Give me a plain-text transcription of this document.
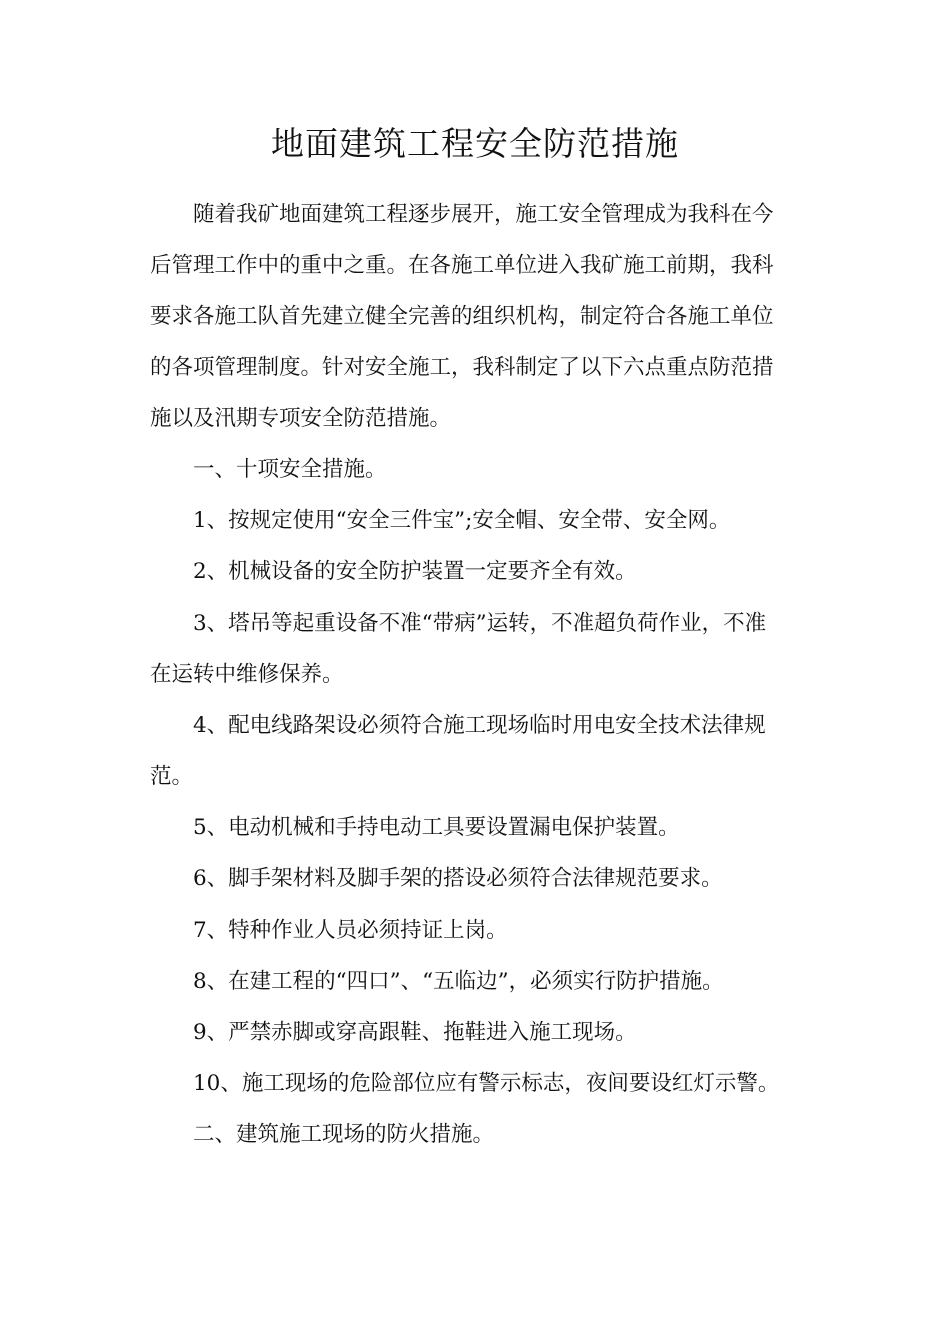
地面建筑工程安全防范措施
随着我矿地面建筑工程逐步展开，施工安全管理成为我科在今
后管理工作中的重中之重。在各施工单位进入我矿施工前期，我科
要求各施工队首先建立健全完善的组织机构，制定符合各施工单位
的各项管理制度。针对安全施工，我科制定了以下六点重点防范措
施以及汛期专项安全防范措施。
一、十项安全措施。
1、按规定使用“安全三件宝”;安全帽、安全带、安全网。
2、机械设备的安全防护装置一定要齐全有效。
3、塔吊等起重设备不准“带病”运转，不准超负荷作业，不准
在运转中维修保养。
4、配电线路架设必须符合施工现场临时用电安全技术法律规
范。
5、电动机械和手持电动工具要设置漏电保护装置。
6、脚手架材料及脚手架的搭设必须符合法律规范要求。
7、特种作业人员必须持证上岗。
8、在建工程的“四口”、“五临边”，必须实行防护措施。
9、严禁赤脚或穿高跟鞋、拖鞋进入施工现场。
10、施工现场的危险部位应有警示标志，夜间要设红灯示警。
二、建筑施工现场的防火措施。
